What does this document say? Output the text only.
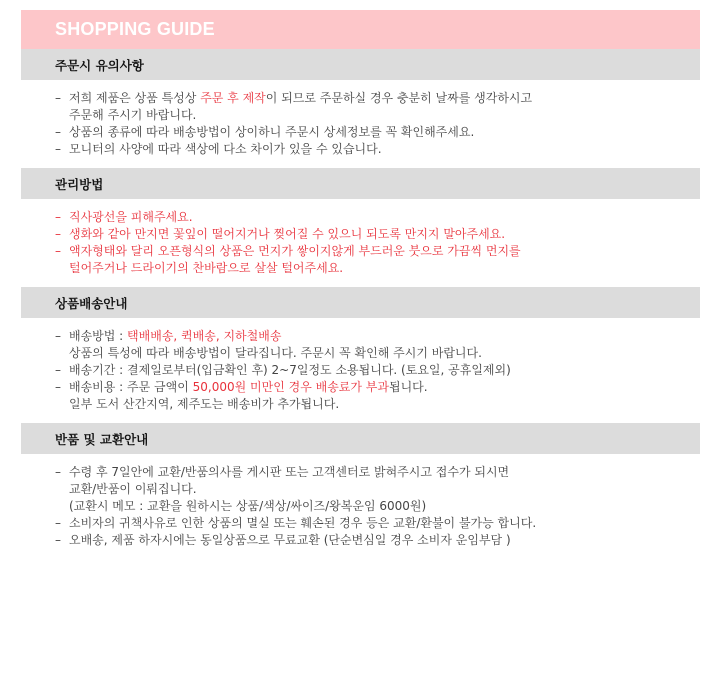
SHOPPING GUIDE
주문시 유의사항
– 저희 제품은 상품 특성상 주문 후 제작이 되므로 주문하실 경우 충분히 날짜를 생각하시고
주문해 주시기 바랍니다.
– 상품의 종류에 따라 배송방법이 상이하니 주문시 상세정보를 꼭 확인해주세요.
– 모니터의 사양에 따라 색상에 다소 차이가 있을 수 있습니다.
관리방법
– 직사광선을 피해주세요.
– 생화와 같아 만지면 꽃잎이 떨어지거나 찢어질 수 있으니 되도록 만지지 말아주세요.
– 액자형태와 달리 오픈형식의 상품은 먼지가 쌓이지않게 부드러운 붓으로 가끔씩 먼지를
털어주거나 드라이기의 찬바람으로 살살 털어주세요.
상품배송안내
– 배송방법 : 택배배송, 퀵배송, 지하철배송
상품의 특성에 따라 배송방법이 달라집니다. 주문시 꼭 확인해 주시기 바랍니다.
– 배송기간 : 결제일로부터(입금확인 후) 2~7일정도 소용됩니다. (토요일, 공휴일제외)
– 배송비용 : 주문 금액이 50,000원 미만인 경우 배송료가 부과됩니다.
일부 도서 산간지역, 제주도는 배송비가 추가됩니다.
반품 및 교환안내
– 수령 후 7일안에 교환/반품의사를 게시판 또는 고객센터로 밝혀주시고 접수가 되시면
교환/반품이 이뤄집니다.
(교환시 메모 : 교환을 원하시는 상품/색상/싸이즈/왕복운임 6000원)
– 소비자의 귀책사유로 인한 상품의 멸실 또는 훼손된 경우 등은 교환/환불이 불가능 합니다.
– 오배송, 제품 하자시에는 동일상품으로 무료교환 (단순변심일 경우 소비자 운임부담 )
